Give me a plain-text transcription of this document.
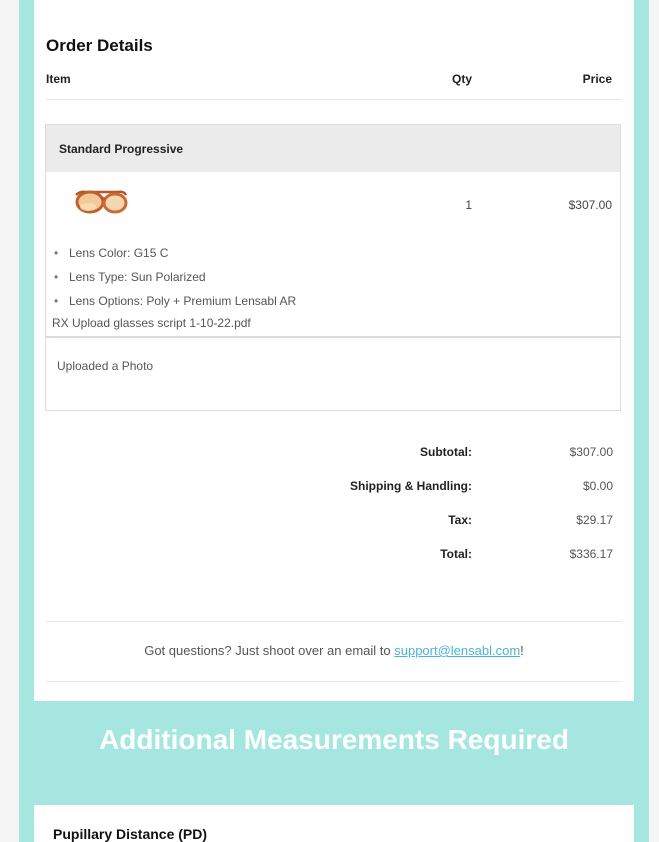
Order Details
Item	Qty	Price
Standard Progressive
1	$307.00
• Lens Color: G15 C
• Lens Type: Sun Polarized
• Lens Options: Poly + Premium Lensabl AR
RX Upload glasses script 1-10-22.pdf
Uploaded a Photo
Subtotal:	$307.00
Shipping & Handling:	$0.00
Tax:	$29.17
Total:	$336.17
Got questions? Just shoot over an email to support@lensabl.com!
Additional Measurements Required
Pupillary Distance (PD)
